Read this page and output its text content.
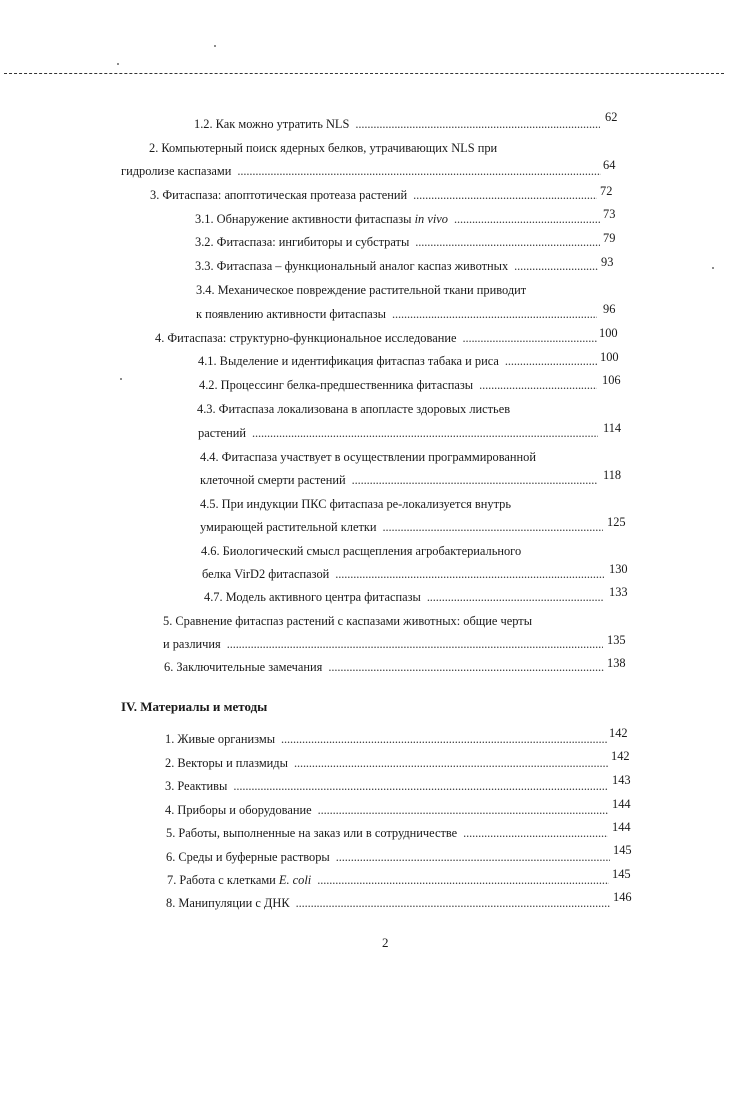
1.2. Как можно утратить NLS . . .	62
2. Компьютерный поиск ядерных белков, утрачивающих NLS при
гидролизе каспазами . . .	64
3. Фитаспаза: апоптотическая протеаза растений . . .	72
3.1. Обнаружение активности фитаспазы in vivo . . .	73
3.2. Фитаспаза: ингибиторы и субстраты . . .	79
3.3. Фитаспаза – функциональный аналог каспаз животных . . .	93
3.4. Механическое повреждение растительной ткани приводит
к появлению активности фитаспазы . . .	96
4. Фитаспаза: структурно-функциональное исследование . . .	100
4.1. Выделение и идентификация фитаспаз табака и риса . . .	100
4.2. Процессинг белка-предшественника фитаспазы . . .	106
4.3. Фитаспаза локализована в апопласте здоровых листьев
растений . . .	114
4.4. Фитаспаза участвует в осуществлении программированной
клеточной смерти растений . . .	118
4.5. При индукции ПКС фитаспаза ре-локализуется внутрь
умирающей растительной клетки . . .	125
4.6. Биологический смысл расщепления агробактериального
белка VirD2 фитаспазой . . .	130
4.7. Модель активного центра фитаспазы . . .	133
5. Сравнение фитаспаз растений с каспазами животных: общие черты
и различия . . .	135
6. Заключительные замечания . . .	138
IV. Материалы и методы
1. Живые организмы . . .	142
2. Векторы и плазмиды . . .	142
3. Реактивы . . .	143
4. Приборы и оборудование . . .	144
5. Работы, выполненные на заказ или в сотрудничестве . . .	144
6. Среды и буферные растворы . . .	145
7. Работа с клетками E. coli . . .	145
8. Манипуляции с ДНК . . .	146
2
